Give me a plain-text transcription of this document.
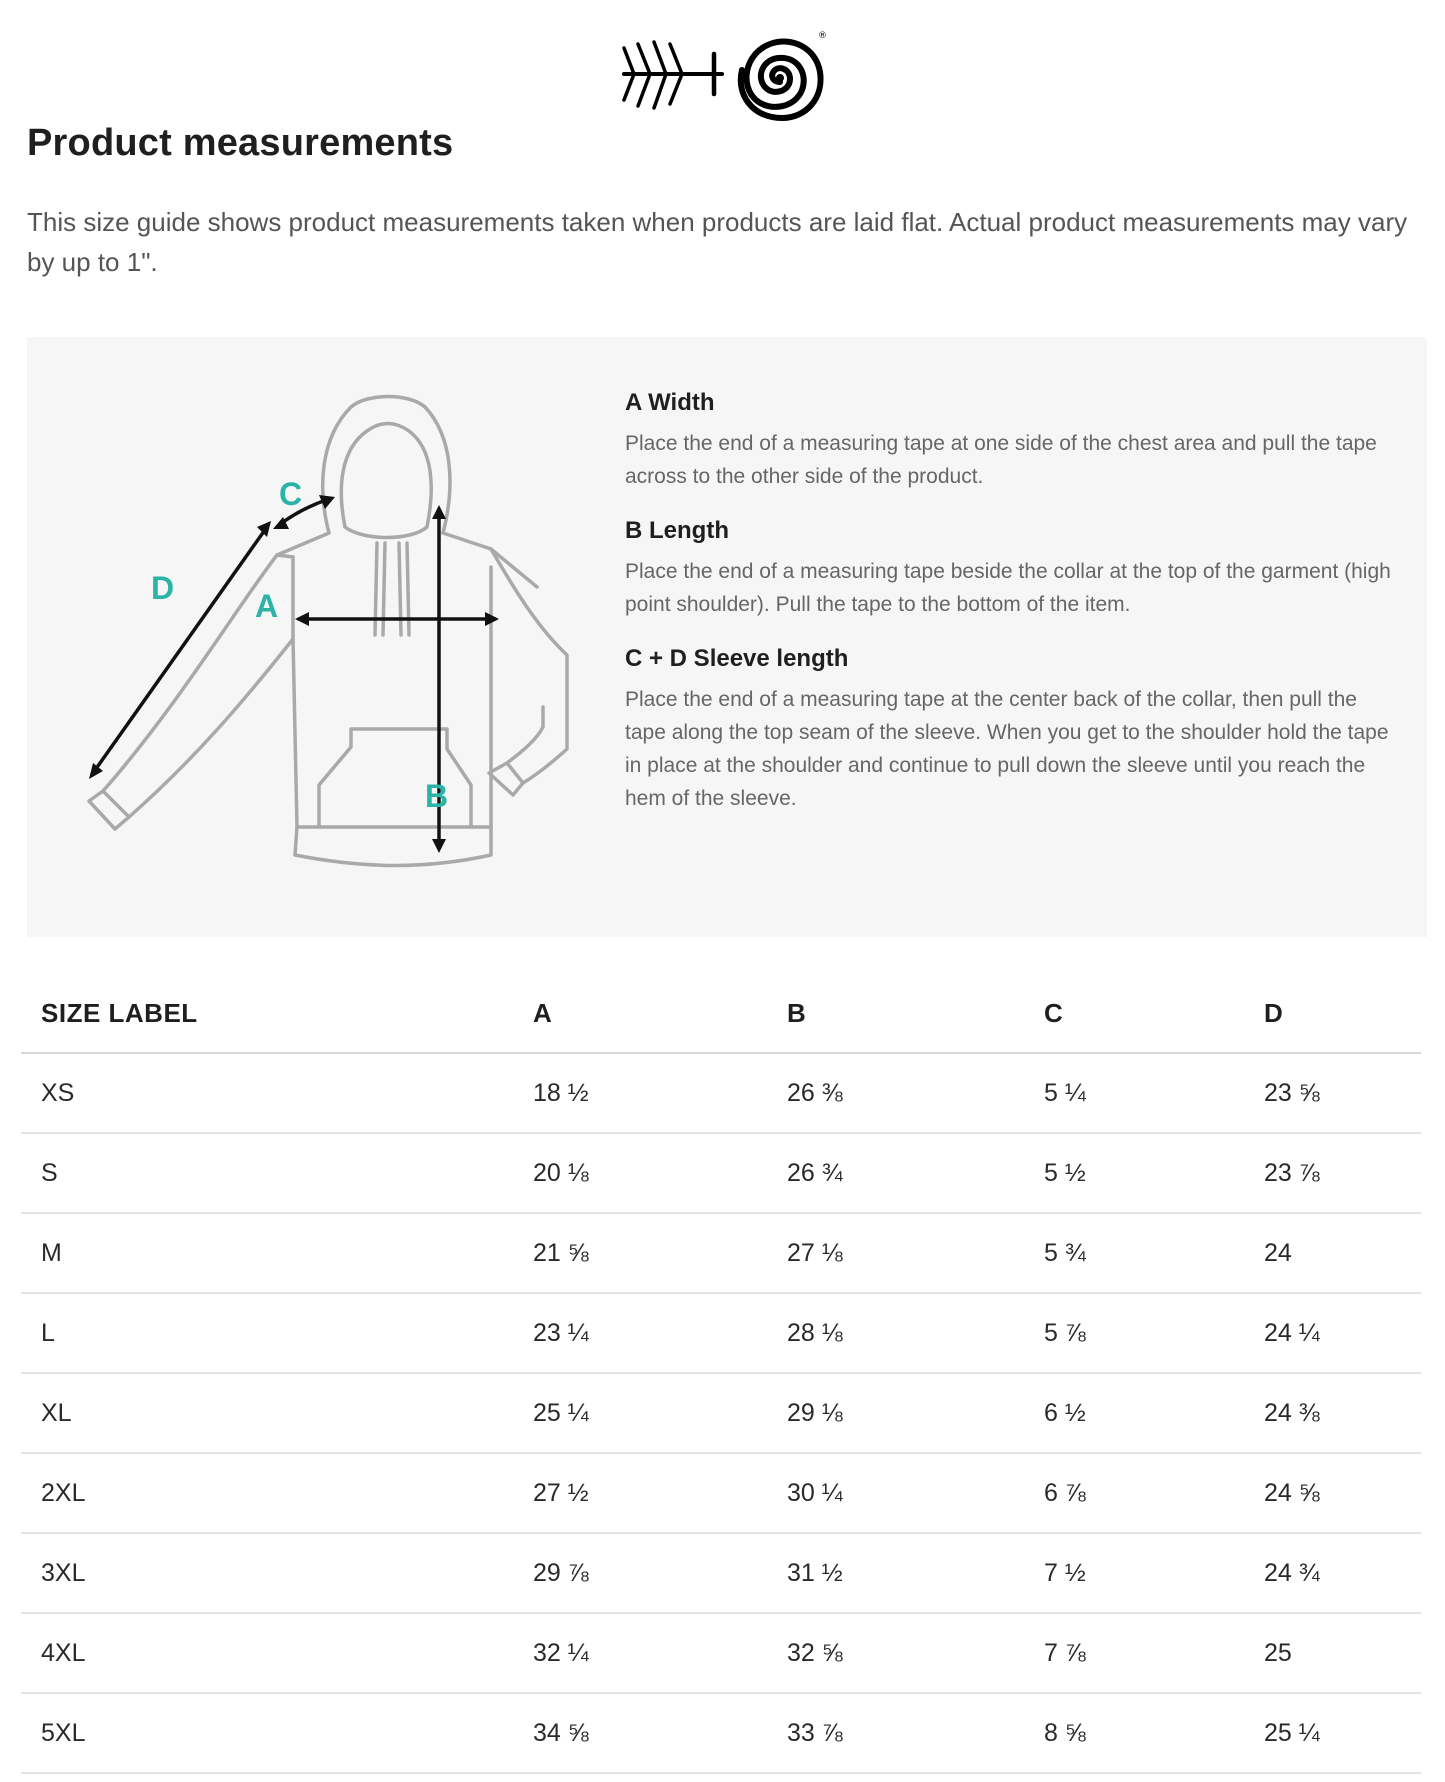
®
Product measurements

This size guide shows product measurements taken when products are laid flat. Actual product measurements may vary by up to 1".

A
B
C
D
A Width

Place the end of a measuring tape at one side of the chest area and pull the tape across to the other side of the product.

B Length

Place the end of a measuring tape beside the collar at the top of the garment (high point shoulder). Pull the tape to the bottom of the item.

C + D Sleeve length

Place the end of a measuring tape at the center back of the collar, then pull the tape along the top seam of the sleeve. When you get to the shoulder hold the tape in place at the shoulder and continue to pull down the sleeve until you reach the hem of the sleeve.

SIZE LABEL	A	B	C	D
XS	18 ½	26 ⅜	5 ¼	23 ⅝
S	20 ⅛	26 ¾	5 ½	23 ⅞
M	21 ⅝	27 ⅛	5 ¾	24
L	23 ¼	28 ⅛	5 ⅞	24 ¼
XL	25 ¼	29 ⅛	6 ½	24 ⅜
2XL	27 ½	30 ¼	6 ⅞	24 ⅝
3XL	29 ⅞	31 ½	7 ½	24 ¾
4XL	32 ¼	32 ⅝	7 ⅞	25
5XL	34 ⅝	33 ⅞	8 ⅝	25 ¼
